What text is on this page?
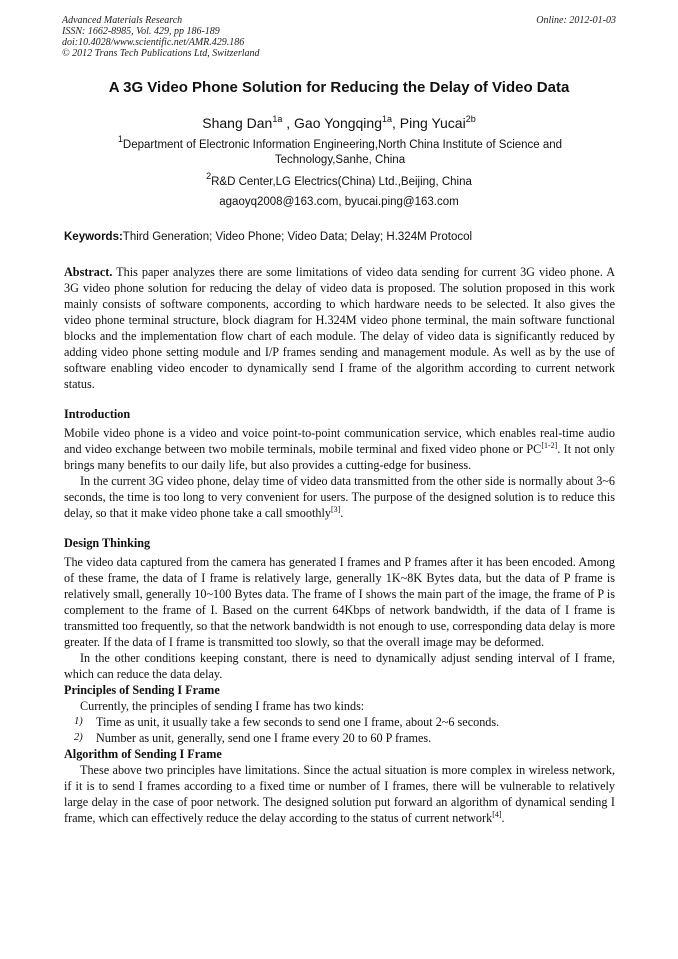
Advanced Materials Research
ISSN: 1662-8985, Vol. 429, pp 186-189
doi:10.4028/www.scientific.net/AMR.429.186
© 2012 Trans Tech Publications Ltd, Switzerland
Online: 2012-01-03
A 3G Video Phone Solution for Reducing the Delay of Video Data
Shang Dan$^{1a}$ , Gao Yongqing$^{1a}$, Ping Yucai$^{2b}$
$^1$Department of Electronic Information Engineering,North China Institute of Science and Technology,Sanhe, China
$^2$R&D Center,LG Electrics(China) Ltd.,Beijing, China
agaoyq2008@163.com, byucai.ping@163.com
Keywords:Third Generation; Video Phone; Video Data; Delay; H.324M Protocol

Abstract. This paper analyzes there are some limitations of video data sending for current 3G video phone. A 3G video phone solution for reducing the delay of video data is proposed. The solution proposed in this work mainly consists of software components, according to which hardware needs to be selected. It also gives the video phone terminal structure, block diagram for H.324M video phone terminal, the main software functional blocks and the implementation flow chart of each module. The delay of video data is significantly reduced by adding video phone setting module and I/P frames sending and management module. As well as by the use of software enabling video encoder to dynamically send I frame of the algorithm according to current network status.

Introduction

Mobile video phone is a video and voice point-to-point communication service, which enables real-time audio and video exchange between two mobile terminals, mobile terminal and fixed video phone or PC[1-2]. It not only brings many benefits to our daily life, but also provides a cutting-edge for business.

In the current 3G video phone, delay time of video data transmitted from the other side is normally about 3~6 seconds, the time is too long to very convenient for users. The purpose of the designed solution is to reduce this delay, so that it make video phone take a call smoothly[3].

Design Thinking

The video data captured from the camera has generated I frames and P frames after it has been encoded. Among of these frame, the data of I frame is relatively large, generally 1K~8K Bytes data, but the data of P frame is relatively small, generally 10~100 Bytes data. The frame of I shows the main part of the image, the frame of P is complement to the frame of I. Based on the current 64Kbps of network bandwidth, if the data of I frame is transmitted too frequently, so that the network bandwidth is not enough to use, corresponding data delay is more greater. If the data of I frame is transmitted too slowly, so that the overall image may be deformed.

In the other conditions keeping constant, there is need to dynamically adjust sending interval of I frame, which can reduce the data delay.

Principles of Sending I Frame

Currently, the principles of sending I frame has two kinds:

1) Time as unit, it usually take a few seconds to send one I frame, about 2~6 seconds.
2) Number as unit, generally, send one I frame every 20 to 60 P frames.
Algorithm of Sending I Frame

These above two principles have limitations. Since the actual situation is more complex in wireless network, if it is to send I frames according to a fixed time or number of I frames, there will be vulnerable to relatively large delay in the case of poor network. The designed solution put forward an algorithm of dynamical sending I frame, which can effectively reduce the delay according to the status of current network[4].
